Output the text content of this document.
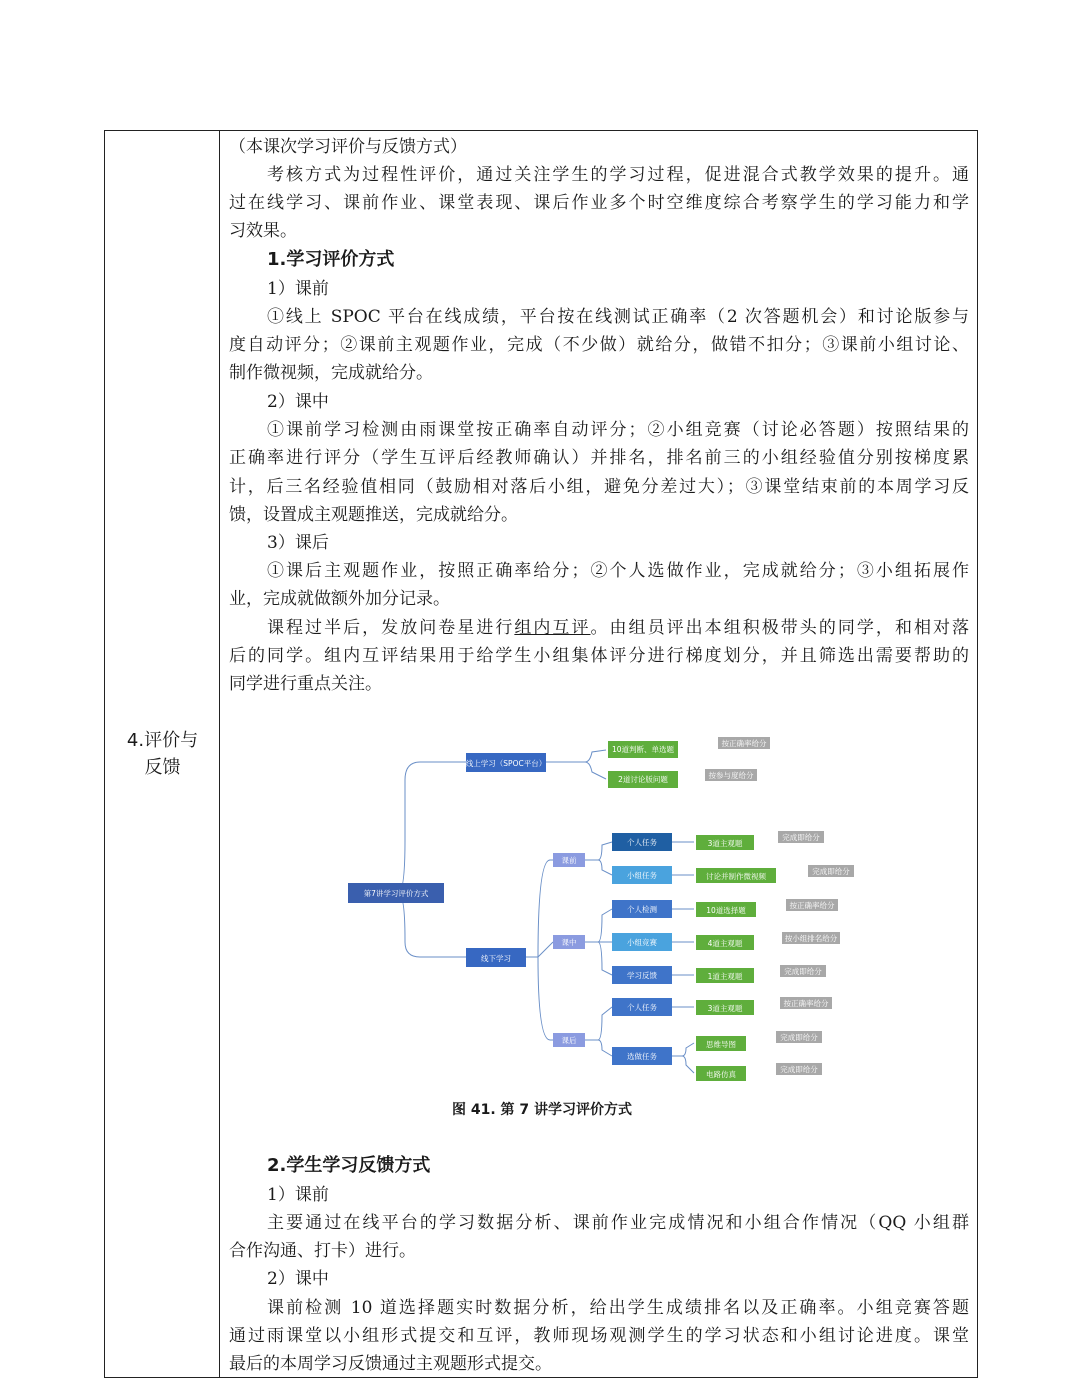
4.评价与
反馈
（本课次学习评价与反馈方式）
考核方式为过程性评价，通过关注学生的学习过程，促进混合式教学效果的提升。通
过在线学习、课前作业、课堂表现、课后作业多个时空维度综合考察学生的学习能力和学
习效果。
1.学习评价方式
1）课前
①线上 SPOC 平台在线成绩，平台按在线测试正确率（2 次答题机会）和讨论版参与
度自动评分；②课前主观题作业，完成（不少做）就给分，做错不扣分；③课前小组讨论、
制作微视频，完成就给分。
2）课中
①课前学习检测由雨课堂按正确率自动评分；②小组竞赛（讨论必答题）按照结果的
正确率进行评分（学生互评后经教师确认）并排名，排名前三的小组经验值分别按梯度累
计，后三名经验值相同（鼓励相对落后小组，避免分差过大）；③课堂结束前的本周学习反
馈，设置成主观题推送，完成就给分。
3）课后
①课后主观题作业，按照正确率给分；②个人选做作业，完成就给分；③小组拓展作
业，完成就做额外加分记录。
课程过半后，发放问卷星进行组内互评。由组员评出本组积极带头的同学，和相对落
后的同学。组内互评结果用于给学生小组集体评分进行梯度划分，并且筛选出需要帮助的
同学进行重点关注。
图 41. 第 7 讲学习评价方式
2.学生学习反馈方式
1）课前
主要通过在线平台的学习数据分析、课前作业完成情况和小组合作情况（QQ 小组群
合作沟通、打卡）进行。
2）课中
课前检测 10 道选择题实时数据分析，给出学生成绩排名以及正确率。小组竞赛答题
通过雨课堂以小组形式提交和互评，教师现场观测学生的学习状态和小组讨论进度。课堂
最后的本周学习反馈通过主观题形式提交。
第7讲学习评价方式
线上学习（SPOC平台）
10道判断、单选题
2道讨论版问题
按正确率给分
按参与度给分
线下学习
课前
课中
课后
个人任务
小组任务
个人检测
小组竞赛
学习反馈
个人任务
选做任务
3道主观题
讨论并制作微视频
10道选择题
4道主观题
1道主观题
3道主观题
思维导图
电路仿真
完成即给分
完成即给分
按正确率给分
按小组排名给分
完成即给分
按正确率给分
完成即给分
完成即给分
